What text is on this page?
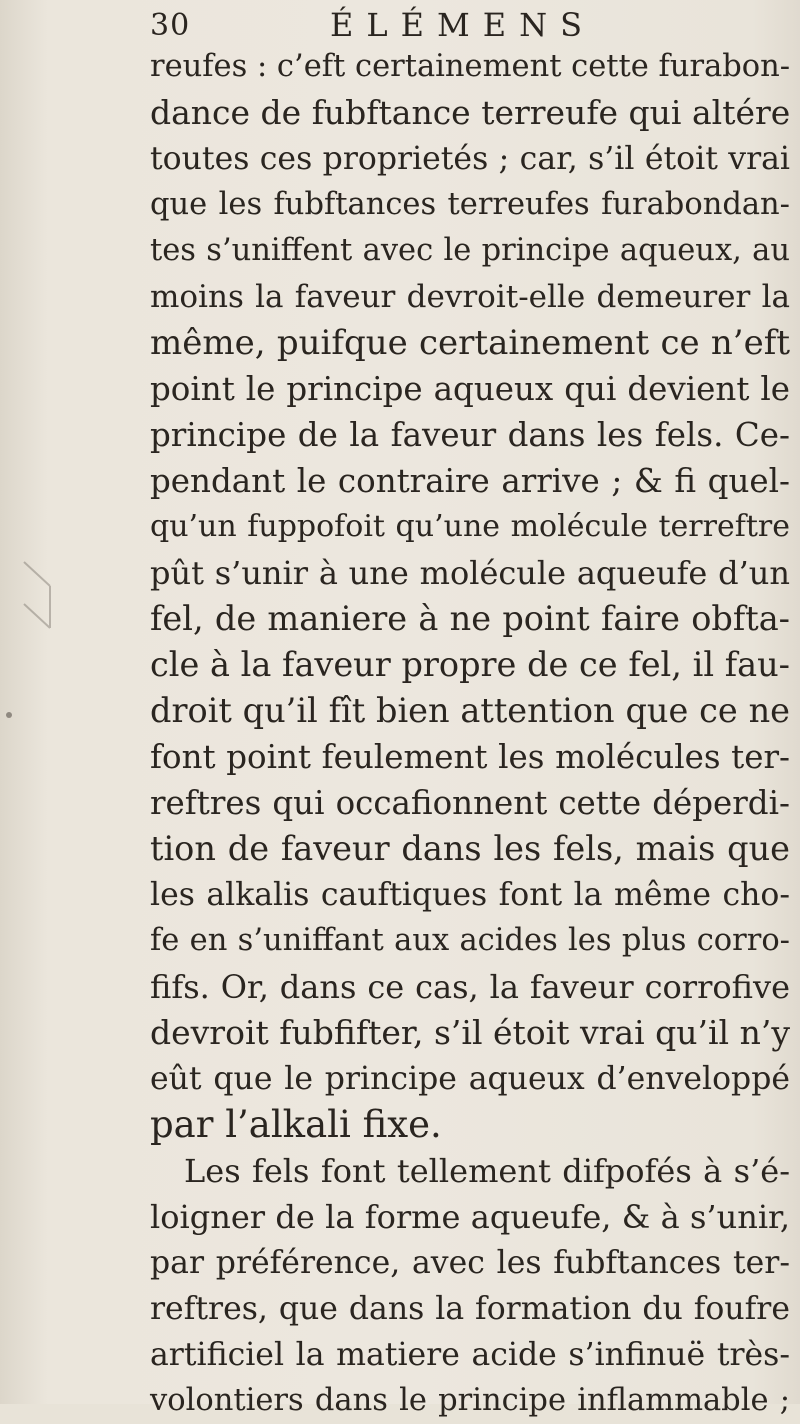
30	ÉLÉMENS
reufes : c’eft certainement cette furabon-
dance de fubftance terreufe qui altére
toutes ces proprietés ; car, s’il étoit vrai
que les fubftances terreufes furabondan-
tes s’uniffent avec le principe aqueux, au
moins la faveur devroit-elle demeurer la
même, puifque certainement ce n’eft
point le principe aqueux qui devient le
principe de la faveur dans les fels. Ce-
pendant le contraire arrive ; & fi quel-
qu’un fuppofoit qu’une molécule terreftre
pût s’unir à une molécule aqueufe d’un
fel, de maniere à ne point faire obfta-
cle à la faveur propre de ce fel, il fau-
droit qu’il fît bien attention que ce ne
font point feulement les molécules ter-
reftres qui occafionnent cette déperdi-
tion de faveur dans les fels, mais que
les alkalis cauftiques font la même cho-
fe en s’uniffant aux acides les plus corro-
fifs. Or, dans ce cas, la faveur corrofive
devroit fubfifter, s’il étoit vrai qu’il n’y
eût que le principe aqueux d’enveloppé
par l’alkali fixe.
Les fels font tellement difpofés à s’é-
loigner de la forme aqueufe, & à s’unir,
par préférence, avec les fubftances ter-
reftres, que dans la formation du foufre
artificiel la matiere acide s’infinuë très-
volontiers dans le principe inflammable ;
